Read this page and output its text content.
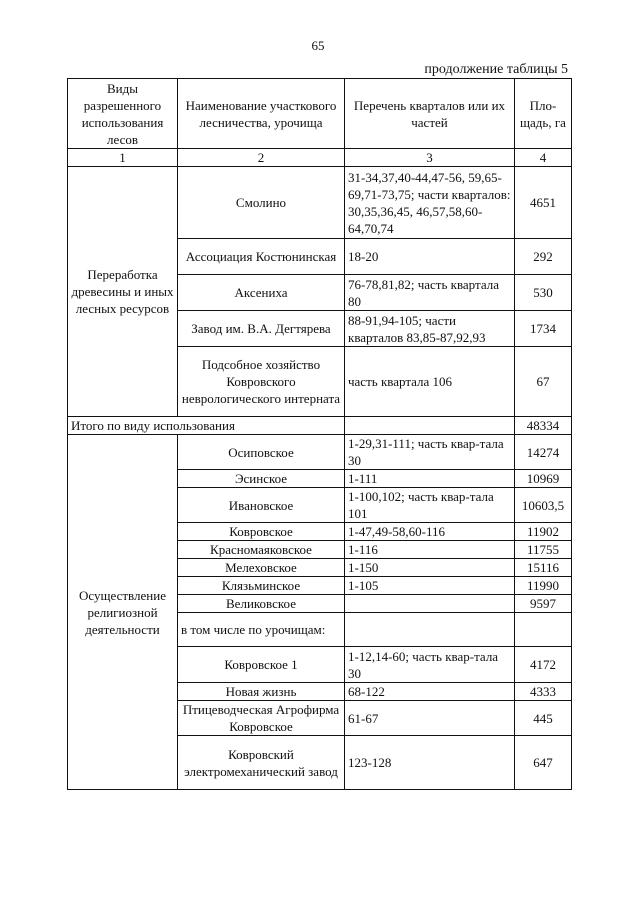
65
продолжение таблицы 5
Виды разрешенного использования лесов	Наименование участкового лесничества, урочища	Перечень кварталов или их частей	Пло-щадь, га
1	2	3	4
Переработка древесины и иных лесных ресурсов	Смолино	31-34,37,40-44,47-56, 59,65-69,71-73,75; части кварталов: 30,35,36,45, 46,57,58,60-64,70,74	4651
	Ассоциация Костюнинская	18-20	292
	Аксениха	76-78,81,82; часть квартала 80	530
	Завод им. В.А. Дегтярева	88-91,94-105; части кварталов 83,85-87,92,93	1734
	Подсобное хозяйство Ковровского неврологического интерната	часть квартала 106	67
Итого по виду использования			48334
Осуществление религиозной деятельности	Осиповское	1-29,31-111; часть квар-тала 30	14274
	Эсинское	1-111	10969
	Ивановское	1-100,102; часть квар-тала 101	10603,5
	Ковровское	1-47,49-58,60-116	11902
	Красномаяковское	1-116	11755
	Мелеховское	1-150	15116
	Клязьминское	1-105	11990
	Великовское		9597
	в том числе по урочищам:		
	Ковровское 1	1-12,14-60; часть квар-тала 30	4172
	Новая жизнь	68-122	4333
	Птицеводческая Агрофирма Ковровское	61-67	445
	Ковровский электромеханический завод	123-128	647
